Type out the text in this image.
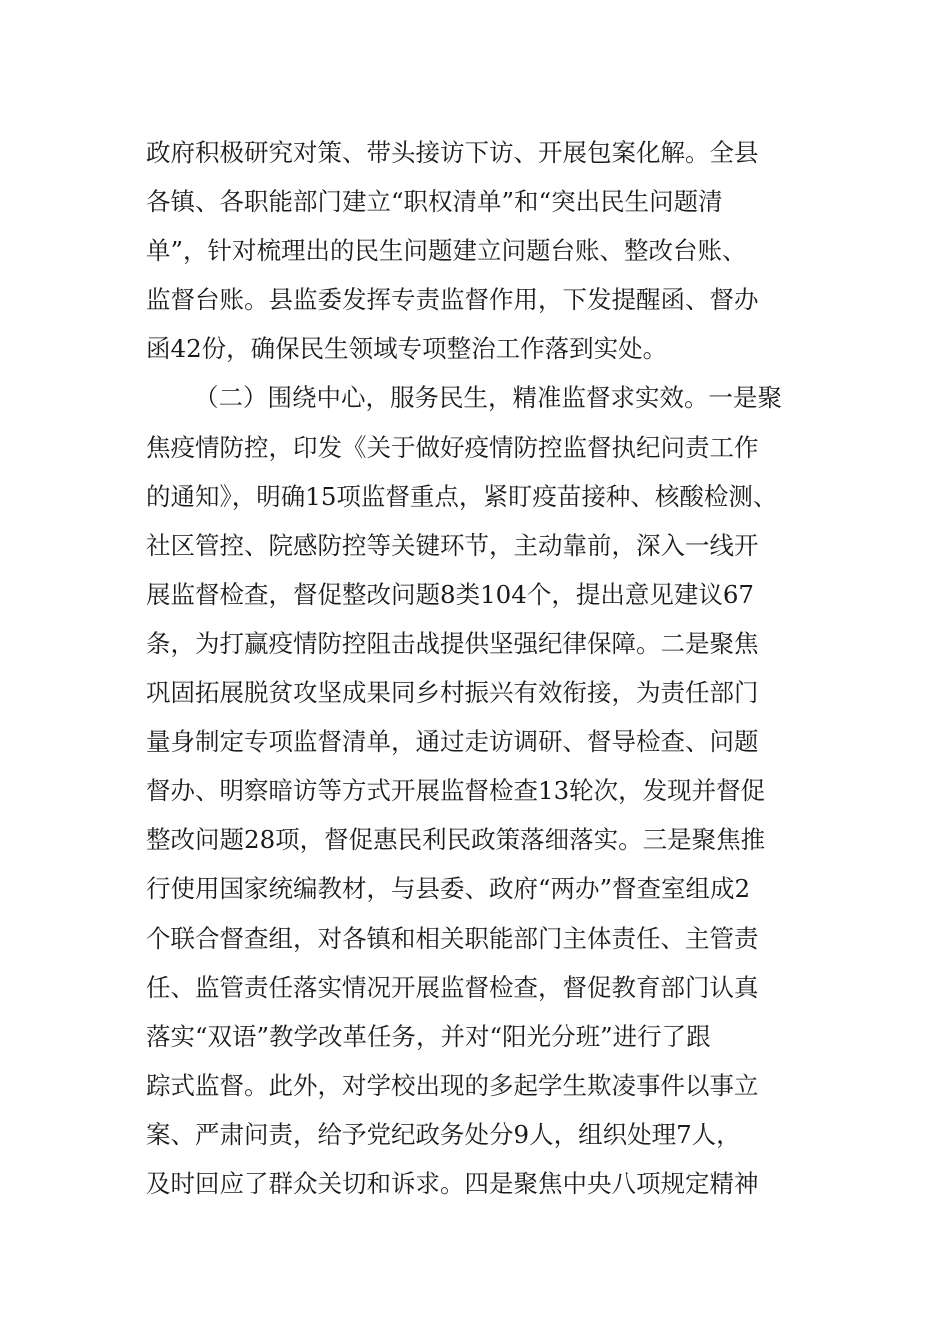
政府积极研究对策、带头接访下访、开展包案化解。全县
各镇、各职能部门建立“职权清单”和“突出民生问题清
单”，针对梳理出的民生问题建立问题台账、整改台账、
监督台账。县监委发挥专责监督作用，下发提醒函、督办
函42份，确保民生领域专项整治工作落到实处。
（二）围绕中心，服务民生，精准监督求实效。一是聚
焦疫情防控，印发《关于做好疫情防控监督执纪问责工作
的通知》，明确15项监督重点，紧盯疫苗接种、核酸检测、
社区管控、院感防控等关键环节，主动靠前，深入一线开
展监督检查，督促整改问题8类104个，提出意见建议67
条，为打赢疫情防控阻击战提供坚强纪律保障。二是聚焦
巩固拓展脱贫攻坚成果同乡村振兴有效衔接，为责任部门
量身制定专项监督清单，通过走访调研、督导检查、问题
督办、明察暗访等方式开展监督检查13轮次，发现并督促
整改问题28项，督促惠民利民政策落细落实。三是聚焦推
行使用国家统编教材，与县委、政府“两办”督查室组成2
个联合督查组，对各镇和相关职能部门主体责任、主管责
任、监管责任落实情况开展监督检查，督促教育部门认真
落实“双语”教学改革任务，并对“阳光分班”进行了跟
踪式监督。此外，对学校出现的多起学生欺凌事件以事立
案、严肃问责，给予党纪政务处分9人，组织处理7人，
及时回应了群众关切和诉求。四是聚焦中央八项规定精神
